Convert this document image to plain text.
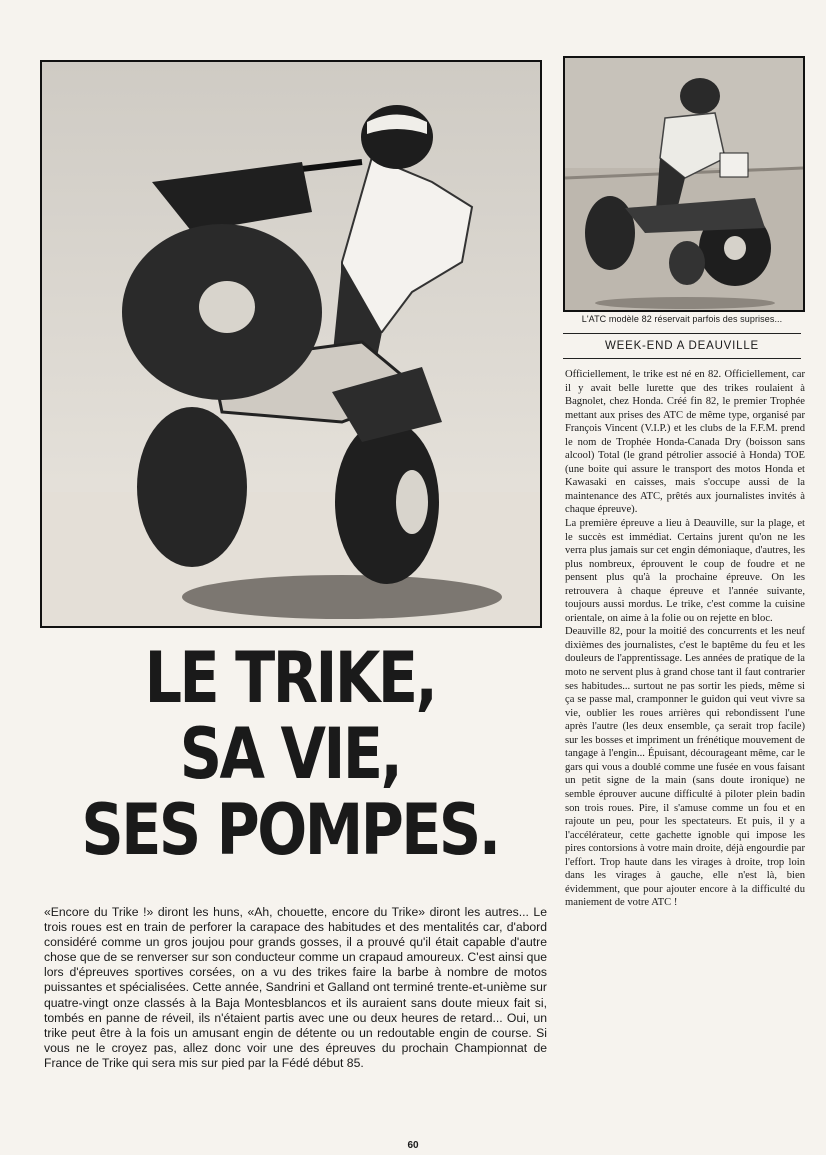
L'ATC modèle 82 réservait parfois des suprises...
WEEK-END A DEAUVILLE
LE TRIKE,
SA VIE,
SES POMPES.

Officiellement, le trike est né en 82. Officiellement, car il y avait belle lurette que des trikes roulaient à Bagnolet, chez Honda. Créé fin 82, le premier Trophée mettant aux prises des ATC de même type, organisé par François Vincent (V.I.P.) et les clubs de la F.F.M. prend le nom de Trophée Honda-Canada Dry (boisson sans alcool) Total (le grand pétrolier associé à Honda) TOE (une boite qui assure le transport des motos Honda et Kawasaki en caisses, mais s'occupe aussi de la maintenance des ATC, prêtés aux journalistes invités à chaque épreuve).

La première épreuve a lieu à Deauville, sur la plage, et le succès est immédiat. Certains jurent qu'on ne les verra plus jamais sur cet engin démoniaque, d'autres, les plus nombreux, éprouvent le coup de foudre et ne pensent plus qu'à la prochaine épreuve. On les retrouvera à chaque épreuve et l'année suivante, toujours aussi mordus. Le trike, c'est comme la cuisine orientale, on aime à la folie ou on rejette en bloc.

Deauville 82, pour la moitié des concurrents et les neuf dixièmes des journalistes, c'est le baptême du feu et les douleurs de l'apprentissage. Les années de pratique de la moto ne servent plus à grand chose tant il faut contrarier ses habitudes... surtout ne pas sortir les pieds, même si ça se passe mal, cramponner le guidon qui veut vivre sa vie, oublier les roues arrières qui rebondissent l'une après l'autre (les deux ensemble, ça serait trop facile) sur les bosses et impriment un frénétique mouvement de tangage à l'engin... Épuisant, décourageant même, car le gars qui vous a doublé comme une fusée en vous faisant un petit signe de la main (sans doute ironique) ne semble éprouver aucune difficulté à piloter plein badin son trois roues. Pire, il s'amuse comme un fou et en rajoute un peu, pour les spectateurs. Et puis, il y a l'accélérateur, cette gachette ignoble qui impose les pires contorsions à votre main droite, déjà engourdie par l'effort. Trop haute dans les virages à droite, trop loin dans les virages à gauche, elle n'est là, bien évidemment, que pour ajouter encore à la difficulté du maniement de votre ATC !

«Encore du Trike !» diront les huns, «Ah, chouette, encore du Trike» diront les autres... Le trois roues est en train de perforer la carapace des habitudes et des mentalités car, d'abord considéré comme un gros joujou pour grands gosses, il a prouvé qu'il était capable d'autre chose que de se renverser sur son conducteur comme un crapaud amoureux. C'est ainsi que lors d'épreuves sportives corsées, on a vu des trikes faire la barbe à nombre de motos puissantes et spécialisées. Cette année, Sandrini et Galland ont terminé trente-et-unième sur quatre-vingt onze classés à la Baja Montesblancos et ils auraient sans doute mieux fait si, tombés en panne de réveil, ils n'étaient partis avec une ou deux heures de retard... Oui, un trike peut être à la fois un amusant engin de détente ou un redoutable engin de course. Si vous ne le croyez pas, allez donc voir une des épreuves du prochain Championnat de France de Trike qui sera mis sur pied par la Fédé début 85.

60
